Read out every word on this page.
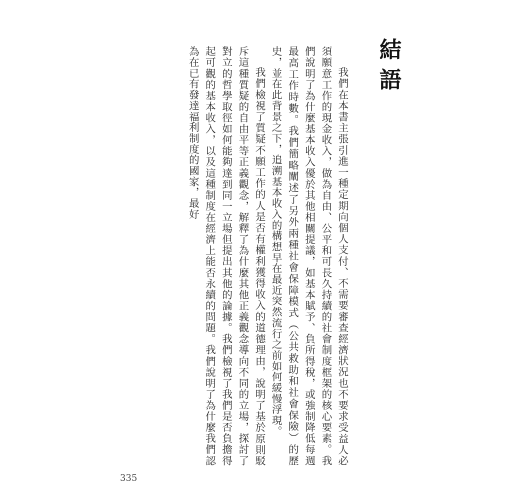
結語

我們在本書主張引進一種定期向個人支付、不需要審查經濟狀況也不要求受益人必須願意工作的現金收入，做為自由、公平和可長久持續的社會制度框架的核心要素。我們說明了為什麼基本收入優於其他相關提議，如基本賦予、負所得稅，或強制降低每週最高工作時數。我們簡略闡述了另外兩種社會保障模式（公共救助和社會保險）的歷史，並在此背景之下，追溯基本收入的構想早在最近突然流行之前如何緩慢浮現。

我們檢視了質疑不願工作的人是否有權利獲得收入的道德理由，說明了基於原則駁斥這種質疑的自由平等正義觀念，解釋了為什麼其他正義觀念導向不同的立場，探討了對立的哲學取徑如何能夠達到同一立場但提出其他的論據。我們檢視了我們是否負擔得起可觀的基本收入，以及這種制度在經濟上能否永續的問題。我們說明了為什麼我們認為在已有發達福利制度的國家，最好

335
